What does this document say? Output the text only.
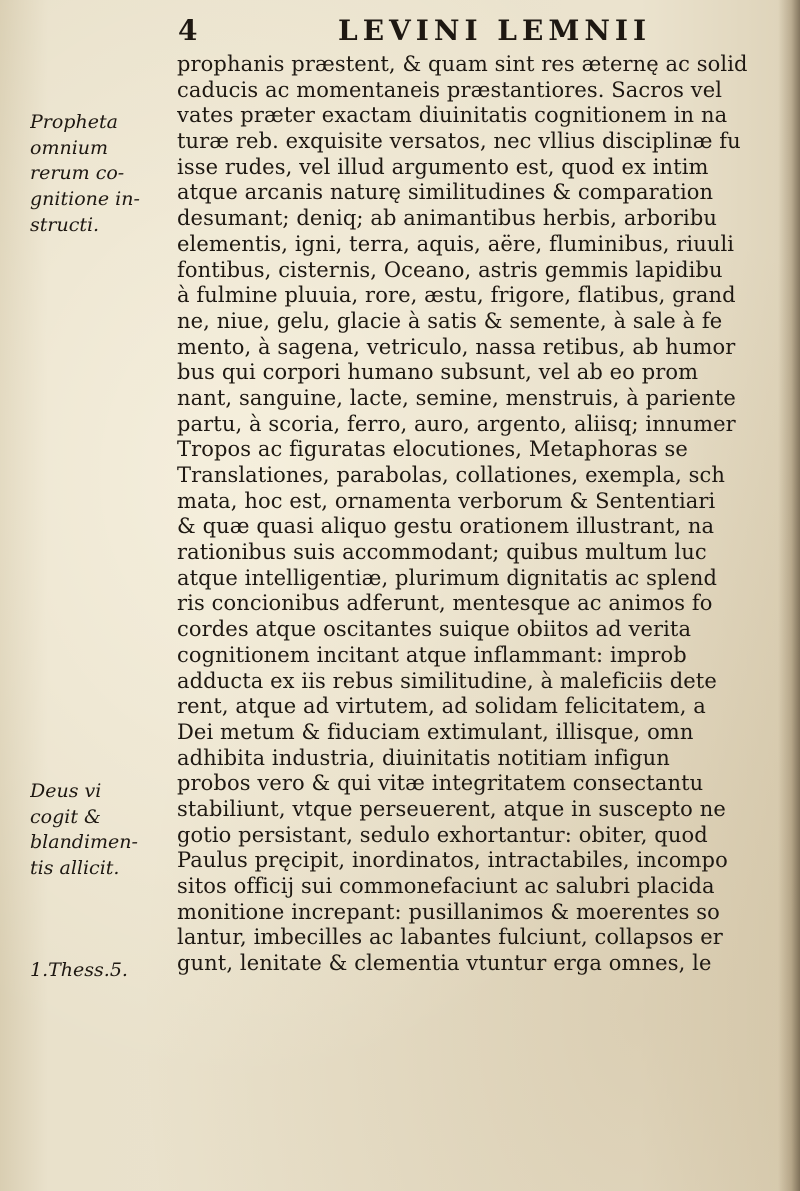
4	LEVINI LEMNII
Propheta
omnium
rerum co-
gnitione in-
structi.
Deus vi
cogit &
blandimen-
tis allicit.
1.Thess.5.
prophanis præstent, & quam sint res æternę ac solid
caducis ac momentaneis præstantiores. Sacros vel
vates præter exactam diuinitatis cognitionem in na
turæ reb. exquisite versatos, nec vllius disciplinæ fu
isse rudes, vel illud argumento est, quod ex intim
atque arcanis naturę similitudines & comparation
desumant; deniq; ab animantibus herbis, arboribu
elementis, igni, terra, aquis, aëre, fluminibus, riuuli
fontibus, cisternis, Oceano, astris gemmis lapidibu
à fulmine pluuia, rore, æstu, frigore, flatibus, grand
ne, niue, gelu, glacie à satis & semente, à sale à fe
mento, à sagena, vetriculo, nassa retibus, ab humor
bus qui corpori humano subsunt, vel ab eo prom
nant, sanguine, lacte, semine, menstruis, à pariente
partu, à scoria, ferro, auro, argento, aliisq; innumer
Tropos ac figuratas elocutiones, Metaphoras se
Translationes, parabolas, collationes, exempla, sch
mata, hoc est, ornamenta verborum & Sententiari
& quæ quasi aliquo gestu orationem illustrant, na
rationibus suis accommodant; quibus multum luc
atque intelligentiæ, plurimum dignitatis ac splend
ris concionibus adferunt, mentesque ac animos fo
cordes atque oscitantes suique obiitos ad verita
cognitionem incitant atque inflammant: improb
adducta ex iis rebus similitudine, à maleficiis dete
rent, atque ad virtutem, ad solidam felicitatem, a
Dei metum & fiduciam extimulant, illisque, omn
adhibita industria, diuinitatis notitiam infigun
probos vero & qui vitæ integritatem consectantu
stabiliunt, vtque perseuerent, atque in suscepto ne
gotio persistant, sedulo exhortantur: obiter, quod
Paulus pręcipit, inordinatos, intractabiles, incompo
sitos officij sui commonefaciunt ac salubri placida
monitione increpant: pusillanimos & moerentes so
lantur, imbecilles ac labantes fulciunt, collapsos er
gunt, lenitate & clementia vtuntur erga omnes, le
